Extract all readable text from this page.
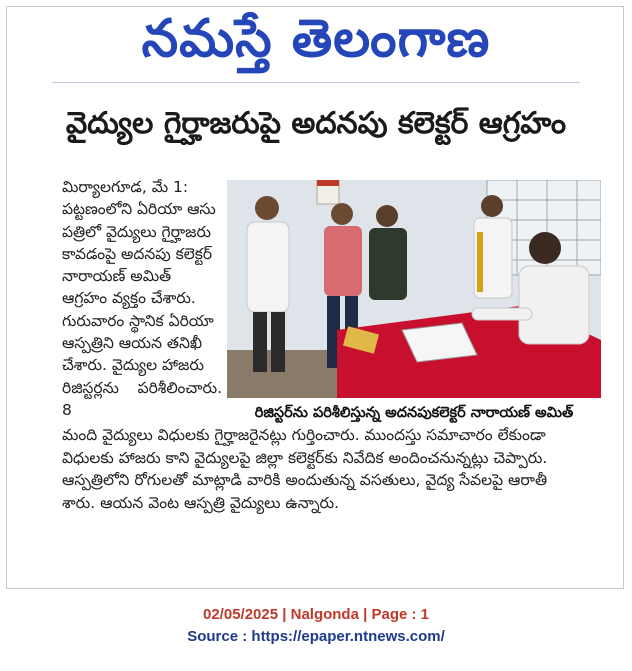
నమస్తే తెలంగాణ
వైద్యుల గైర్హాజరుపై అదనపు కలెక్టర్‌ ఆగ్రహం

మిర్యాలగూడ, మే 1:

పట్టణంలోని ఏరియా ఆసు

పత్రిలో వైద్యులు గైర్హాజరు

కావడంపై అదనపు కలెక్టర్‌

నారాయణ్‌ అమిత్‌

ఆగ్రహం వ్యక్తం చేశారు.

గురువారం స్థానిక ఏరియా

ఆస్పత్రిని ఆయన తనిఖీ

చేశారు. వైద్యుల హాజరు

రిజిస్టర్లను పరిశీలించారు. 8	రిజిస్టర్‌ను పరిశీలిస్తున్న అదనపుకలెక్టర్‌ నారాయణ్‌ అమిత్‌

మంది వైద్యులు విధులకు గైర్హాజరైనట్లు గుర్తించారు. ముందస్తు సమాచారం లేకుండా

విధులకు హాజరు కాని వైద్యులపై జిల్లా కలెక్టర్‌కు నివేదిక అందించనున్నట్లు చెప్పారు.

ఆస్పత్రిలోని రోగులతో మాట్లాడి వారికి అందుతున్న వసతులు, వైద్య సేవలపై ఆరాతీ

శారు. ఆయన వెంట ఆస్పత్రి వైద్యులు ఉన్నారు.

02/05/2025 | Nalgonda | Page : 1
Source : https://epaper.ntnews.com/
